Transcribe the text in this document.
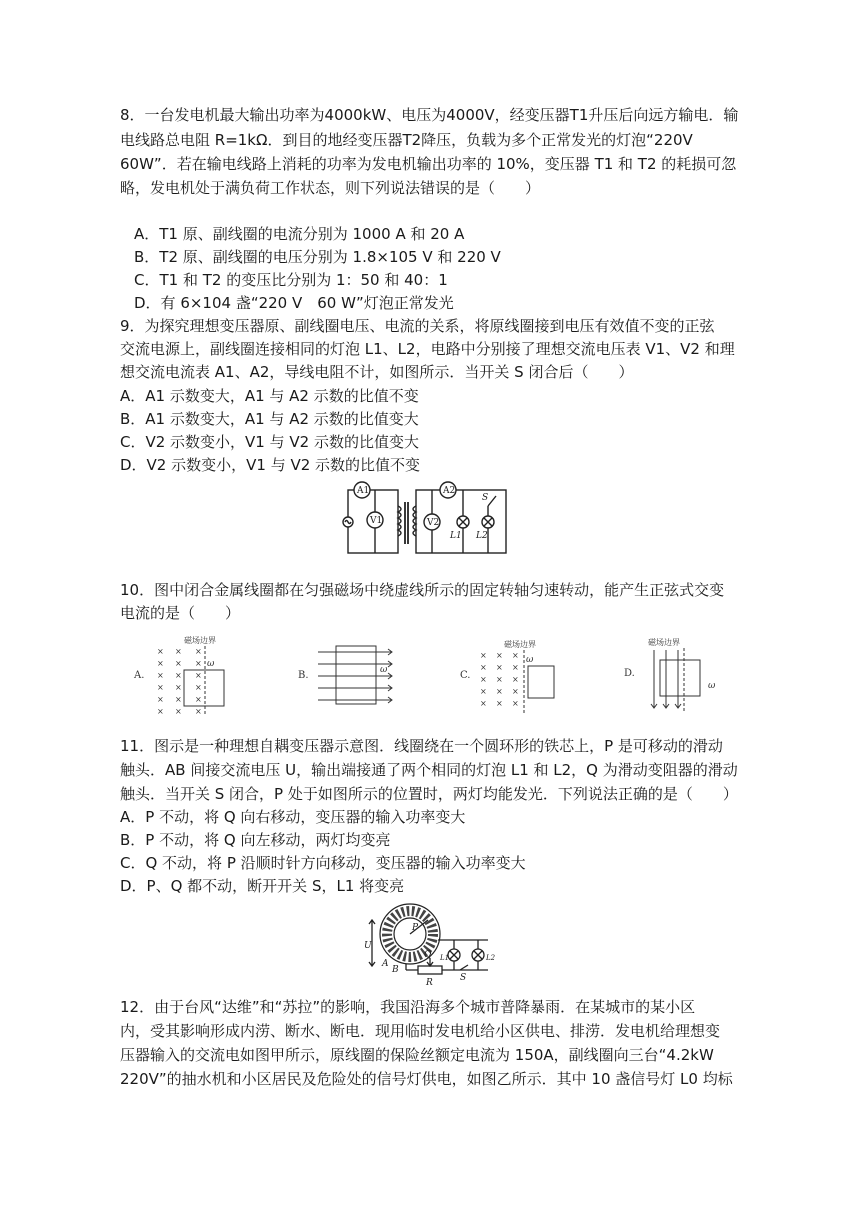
8．一台发电机最大输出功率为4000kW、电压为4000V，经变压器T1升压后向远方输电．输
电线路总电阻 R=1kΩ．到目的地经变压器T2降压，负载为多个正常发光的灯泡“220V
60W”．若在输电线路上消耗的功率为发电机输出功率的 10%，变压器 T1 和 T2 的耗损可忽
略，发电机处于满负荷工作状态，则下列说法错误的是（　　）
A．T1 原、副线圈的电流分别为 1000 A 和 20 A
B．T2 原、副线圈的电压分别为 1.8×105 V 和 220 V
C．T1 和 T2 的变压比分别为 1：50 和 40：1
D．有 6×104 盏“220 V　60 W”灯泡正常发光
9．为探究理想变压器原、副线圈电压、电流的关系，将原线圈接到电压有效值不变的正弦
交流电源上，副线圈连接相同的灯泡 L1、L2，电路中分别接了理想交流电压表 V1、V2 和理
想交流电流表 A1、A2，导线电阻不计，如图所示．当开关 S 闭合后（　　）
A．A1 示数变大，A1 与 A2 示数的比值不变
B．A1 示数变大，A1 与 A2 示数的比值变大
C．V2 示数变小，V1 与 V2 示数的比值变大
D．V2 示数变小，V1 与 V2 示数的比值不变
A1
V1
A2
V2
L1
S
L2
10．图中闭合金属线圈都在匀强磁场中绕虚线所示的固定转轴匀速转动，能产生正弦式交变
电流的是（　　）
A.
磁场边界
× × ×
× × ×
× × ×
× × ×
× × ×
× × ×
ω
B.	ω	C.
磁场边界
× × ×
× × ×
× × ×
× × ×
× × ×
ω
D.
磁场边界
ω
11．图示是一种理想自耦变压器示意图．线圈绕在一个圆环形的铁芯上，P 是可移动的滑动
触头．AB 间接交流电压 U，输出端接通了两个相同的灯泡 L1 和 L2，Q 为滑动变阻器的滑动
触头．当开关 S 闭合，P 处于如图所示的位置时，两灯均能发光．下列说法正确的是（　　）
A．P 不动，将 Q 向右移动，变压器的输入功率变大
B．P 不动，将 Q 向左移动，两灯均变亮
C．Q 不动，将 P 沿顺时针方向移动，变压器的输入功率变大
D．P、Q 都不动，断开开关 S，L1 将变亮
P
U
A
B
Q
R
L1	L2
S
12．由于台风“达维”和“苏拉”的影响，我国沿海多个城市普降暴雨．在某城市的某小区
内，受其影响形成内涝、断水、断电．现用临时发电机给小区供电、排涝．发电机给理想变
压器输入的交流电如图甲所示，原线圈的保险丝额定电流为 150A，副线圈向三台“4.2kW
220V”的抽水机和小区居民及危险处的信号灯供电，如图乙所示．其中 10 盏信号灯 L0 均标
